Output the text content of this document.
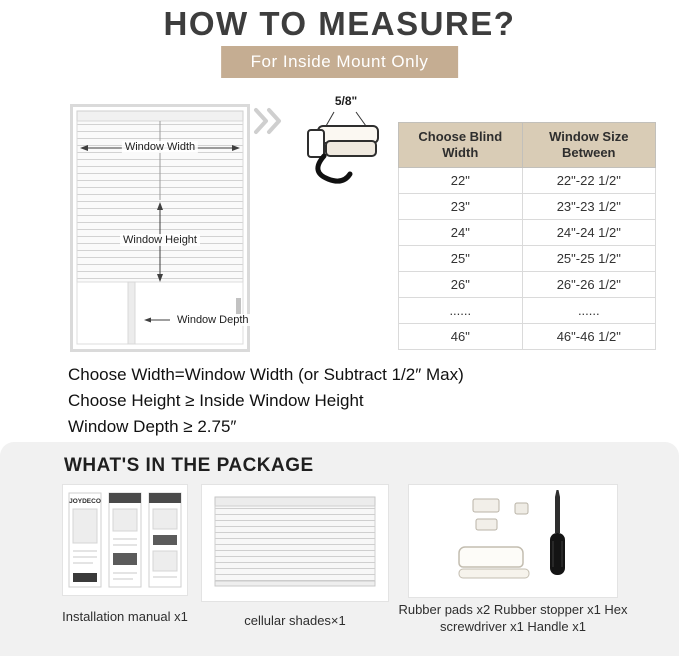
HOW TO MEASURE?
For Inside Mount Only
Window Width
Window Height
Window Depth
5/8"
Choose Blind Width	Window Size Between
22"	22"-22 1/2"
23"	23"-23 1/2"
24"	24"-24 1/2"
25"	25"-25 1/2"
26"	26"-26 1/2"
......	......
46"	46"-46 1/2"
Choose Width=Window Width (or Subtract 1/2″ Max)
Choose Height ≥ Inside Window Height
Window Depth ≥ 2.75″
WHAT'S IN THE PACKAGE
JOYDECO
Installation manual x1	cellular shades×1
Rubber pads x2 Rubber stopper x1 Hex screwdriver x1 Handle x1
